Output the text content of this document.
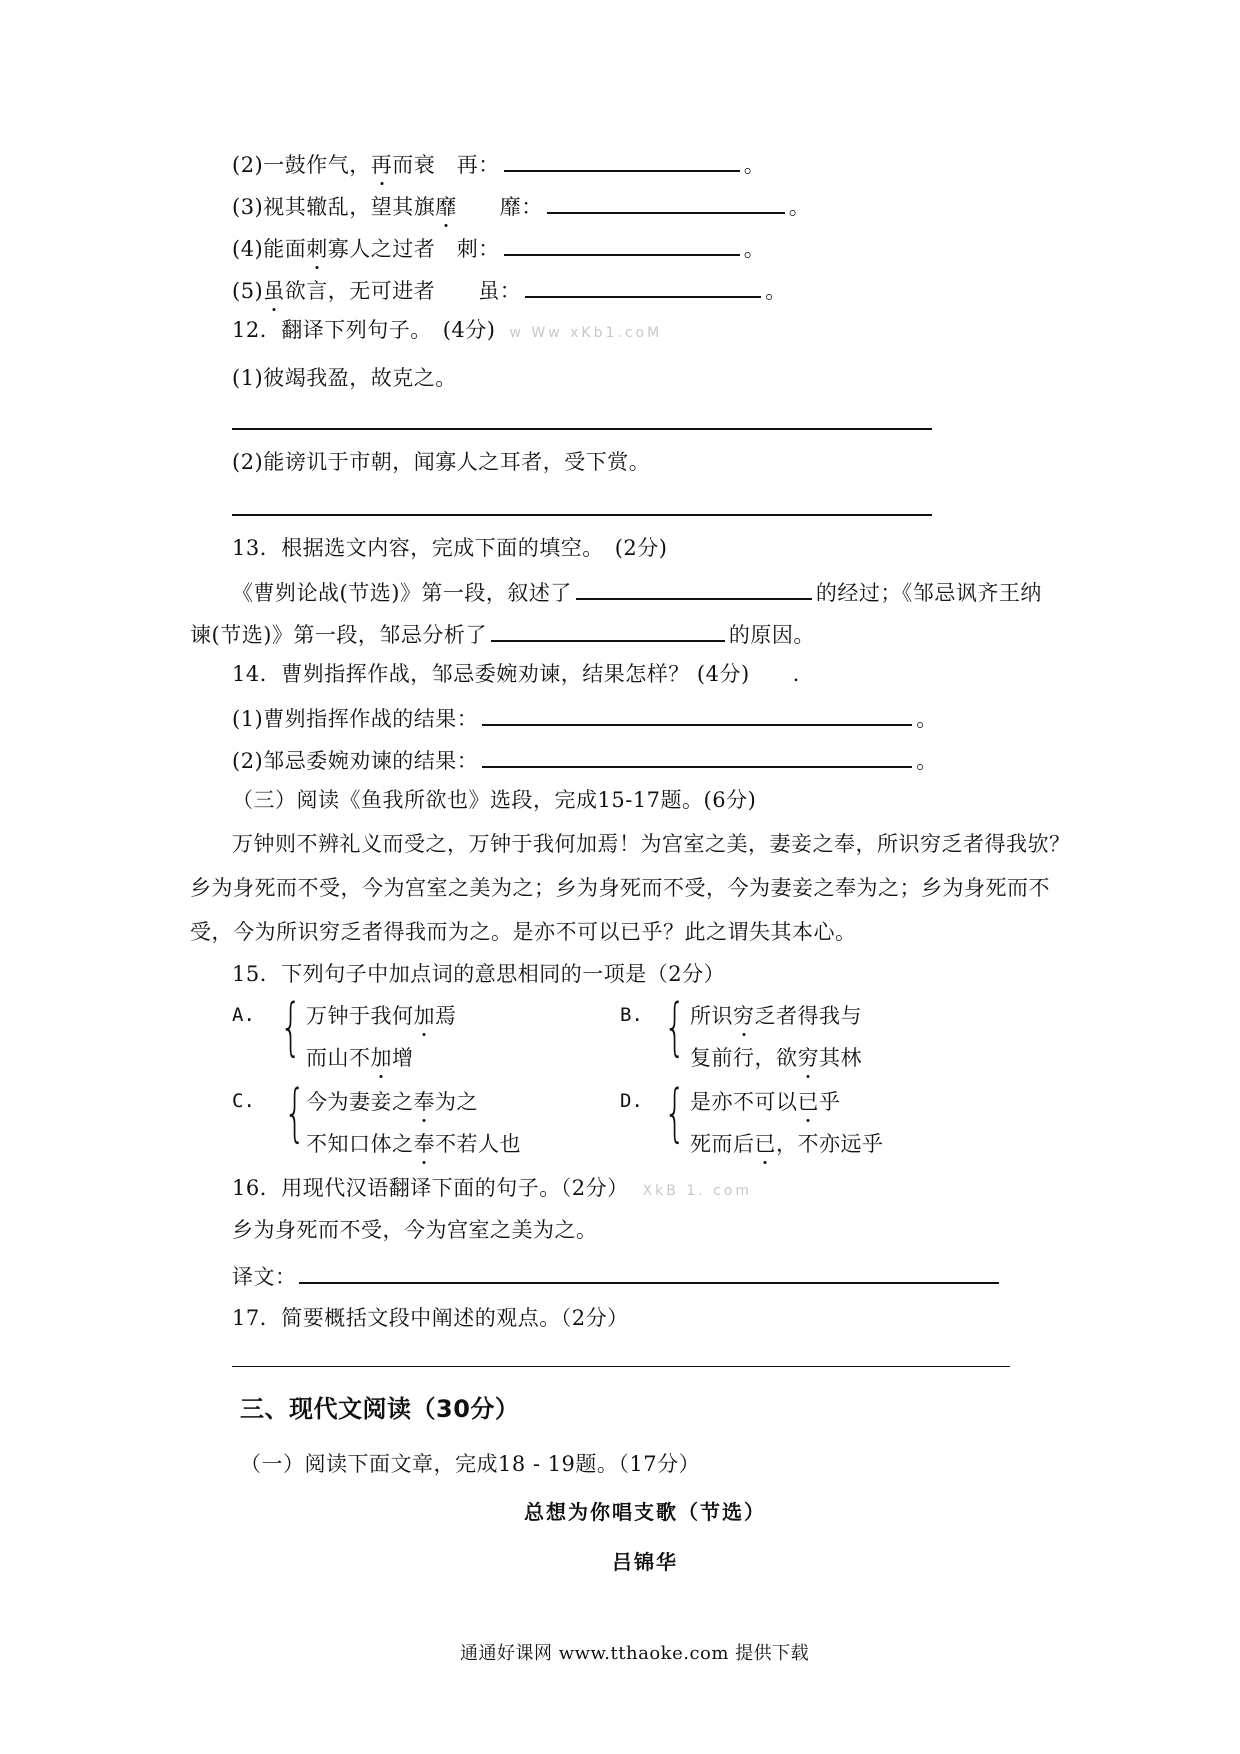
(2)一鼓作气，再而衰　再：	。
(3)视其辙乱，望其旗靡　　靡：	。
(4)能面刺寡人之过者　刺：	。
(5)虽欲言，无可进者　　虽：	。
12．翻译下列句子。　(4分) w Ww xKb1.coM
(1)彼竭我盈，故克之。
(2)能谤讥于市朝，闻寡人之耳者，受下赏。
13．根据选文内容，完成下面的填空。　(2分)
《曹刿论战(节选)》第一段，叙述了	的经过；《邹忌讽齐王纳
谏(节选)》第一段，邹忌分析了	的原因。
14．曹刿指挥作战，邹忌委婉劝谏，结果怎样？ (4分)　　.
(1)曹刿指挥作战的结果：	。
(2)邹忌委婉劝谏的结果：	。
（三）阅读《鱼我所欲也》选段，完成15-17题。(6分)
万钟则不辨礼义而受之，万钟于我何加焉！为宫室之美，妻妾之奉，所识穷乏者得我欤？
乡为身死而不受，今为宫室之美为之；乡为身死而不受，今为妻妾之奉为之；乡为身死而不
受，今为所识穷乏者得我而为之。是亦不可以已乎？此之谓失其本心。
15．下列句子中加点词的意思相同的一项是（2分）
A. { 万钟于我何加焉
而山不加增
B. { 所识穷乏者得我与
复前行，欲穷其林
C. { 今为妻妾之奉为之
不知口体之奉不若人也
D. { 是亦不可以已乎
死而后已，不亦远乎
16．用现代汉语翻译下面的句子。（2分） XkB 1. com
乡为身死而不受，今为宫室之美为之。
译文：
17．简要概括文段中阐述的观点。（2分）
三、现代文阅读（30分）
（一）阅读下面文章，完成18 - 19题。（17分）
总想为你唱支歌（节选）
吕锦华
通通好课网 www.tthaoke.com 提供下载
